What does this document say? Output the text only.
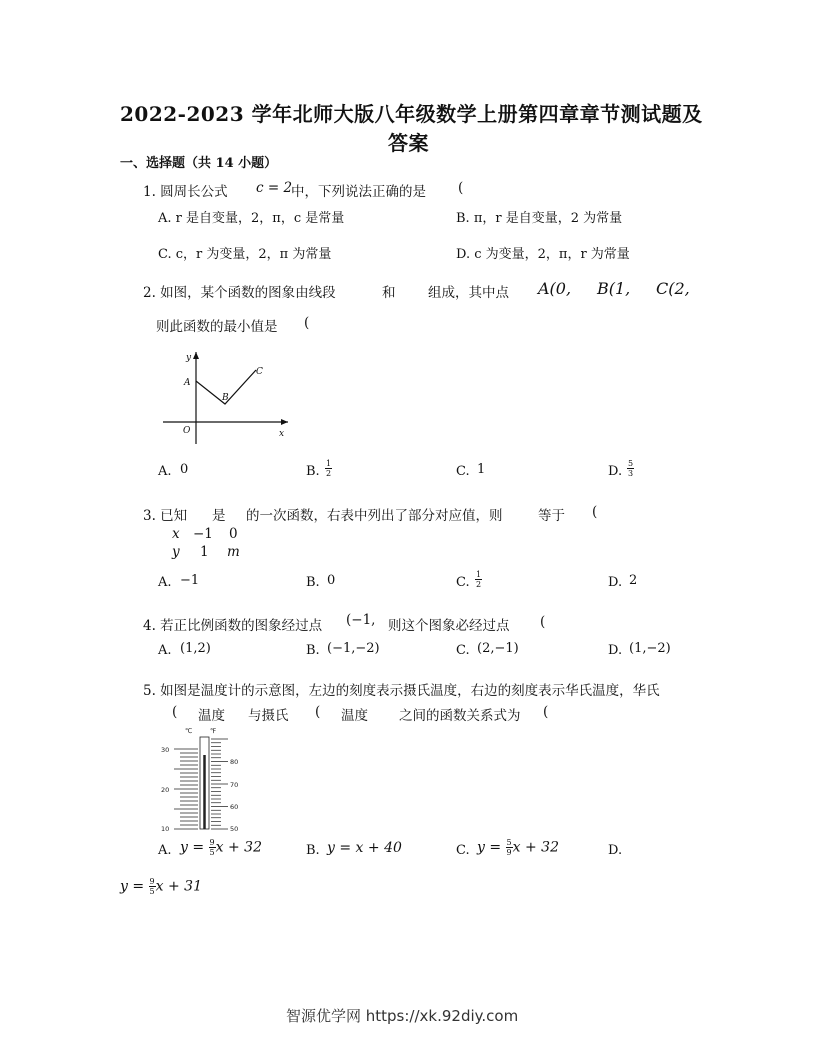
2022-2023 学年北师大版八年级数学上册第四章章节测试题及
答案
一、选择题（共 14 小题）
1. 圆周长公式 c = 2
中，下列说法正确的是 (
A. r 是自变量，2，π，c 是常量	B. π，r 是自变量，2 为常量
C. c，r 为变量，2，π 为常量	D. c 为变量，2，π，r 为常量
2. 如图，某个函数的图象由线段	和 组成，其中点 A(0, B(1, C(2,
则此函数的最小值是 (
y
A
B
C
O	x
A. 0	B. $\frac{1}{2}$	C. 1	D. $\frac{5}{3}$
3. 已知 是 的一次函数，右表中列出了部分对应值，则	等于 (
x −1 0
y 1 m
A. −1	B. 0	C. $\frac{1}{2}$	D. 2
4. 若正比例函数的图象经过点 (−1, 则这个图象必经过点 (
A. (1,2)	B. (−1,−2)	C. (2,−1)	D. (1,−2)
5. 如图是温度计的示意图，左边的刻度表示摄氏温度，右边的刻度表示华氏温度，华氏
( 温度 与摄氏 ( 温度 之间的函数关系式为 (
℃	℉
30
20
10
80
70
60
50
A. $y = \frac{9}{5}$ x + 32	B. y = x + 40	C. $y = \frac{5}{9}$ x + 32	D.
$y = \frac{9}{5}$ x + 31
智源优学网 https://xk.92diy.com
